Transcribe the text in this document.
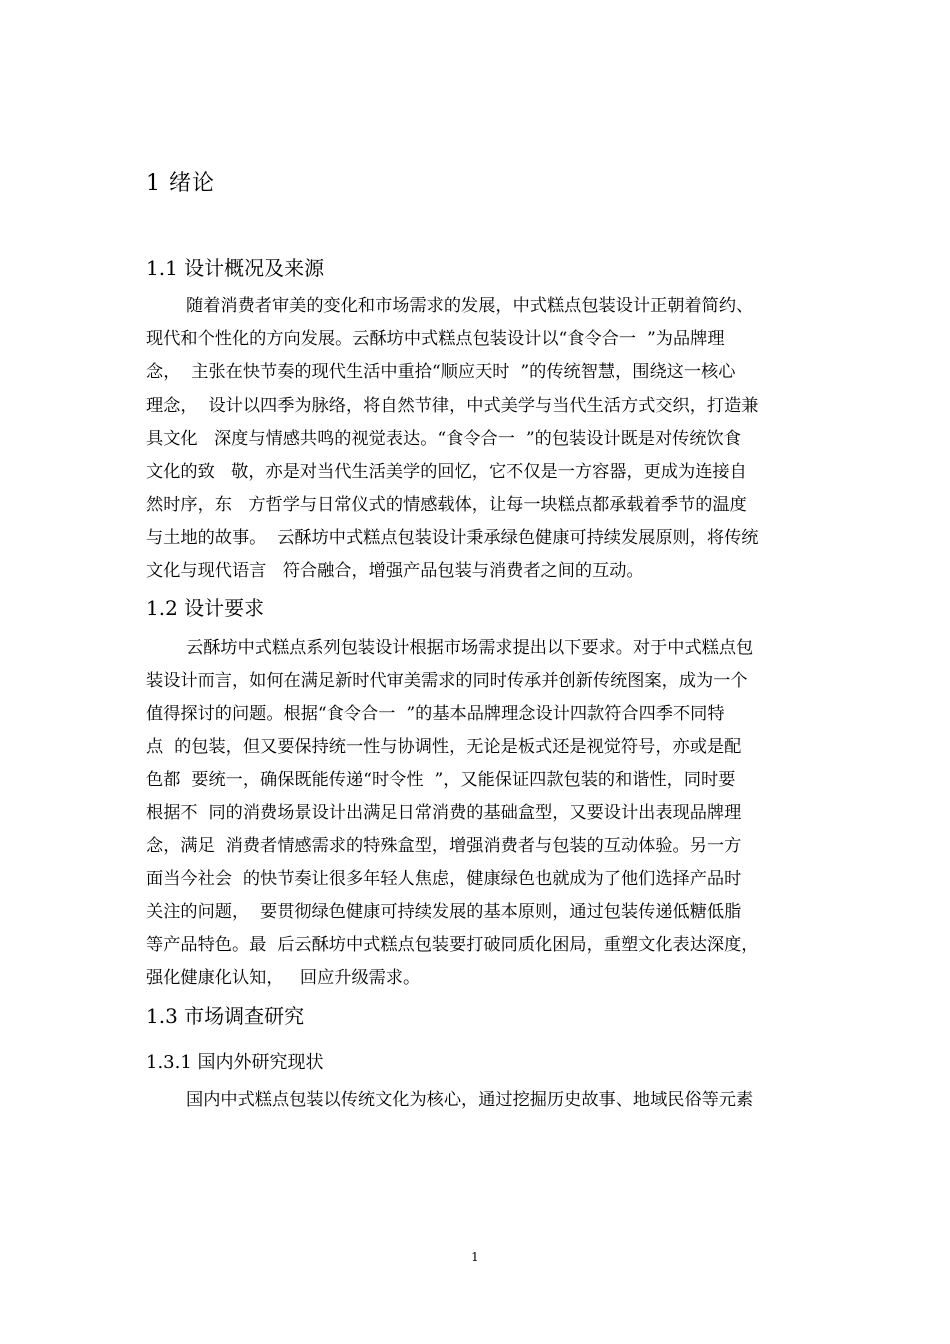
1 绪论
1.1 设计概况及来源
随着消费者审美的变化和市场需求的发展，中式糕点包装设计正朝着简约、
现代和个性化的方向发展。云酥坊中式糕点包装设计以“食令合一  ”为品牌理
念，  主张在快节奏的现代生活中重拾“顺应天时  ”的传统智慧，围绕这一核心
理念，  设计以四季为脉络，将自然节律，中式美学与当代生活方式交织，打造兼
具文化   深度与情感共鸣的视觉表达。“食令合一  ”的包装设计既是对传统饮食
文化的致   敬，亦是对当代生活美学的回忆，它不仅是一方容器，更成为连接自
然时序，东   方哲学与日常仪式的情感载体，让每一块糕点都承载着季节的温度
与土地的故事。  云酥坊中式糕点包装设计秉承绿色健康可持续发展原则，将传统
文化与现代语言   符合融合，增强产品包装与消费者之间的互动。
1.2 设计要求
云酥坊中式糕点系列包装设计根据市场需求提出以下要求。对于中式糕点包
装设计而言，如何在满足新时代审美需求的同时传承并创新传统图案，成为一个
值得探讨的问题。根据“食令合一  ”的基本品牌理念设计四款符合四季不同特
点  的包装，但又要保持统一性与协调性，无论是板式还是视觉符号，亦或是配
色都  要统一，确保既能传递“时令性  ”，又能保证四款包装的和谐性，同时要
根据不  同的消费场景设计出满足日常消费的基础盒型，又要设计出表现品牌理
念，满足  消费者情感需求的特殊盒型，增强消费者与包装的互动体验。另一方
面当今社会  的快节奏让很多年轻人焦虑，健康绿色也就成为了他们选择产品时
关注的问题，  要贯彻绿色健康可持续发展的基本原则，通过包装传递低糖低脂
等产品特色。最  后云酥坊中式糕点包装要打破同质化困局，重塑文化表达深度，
强化健康化认知，   回应升级需求。
1.3 市场调查研究
1.3.1 国内外研究现状
国内中式糕点包装以传统文化为核心，通过挖掘历史故事、地域民俗等元素
1
